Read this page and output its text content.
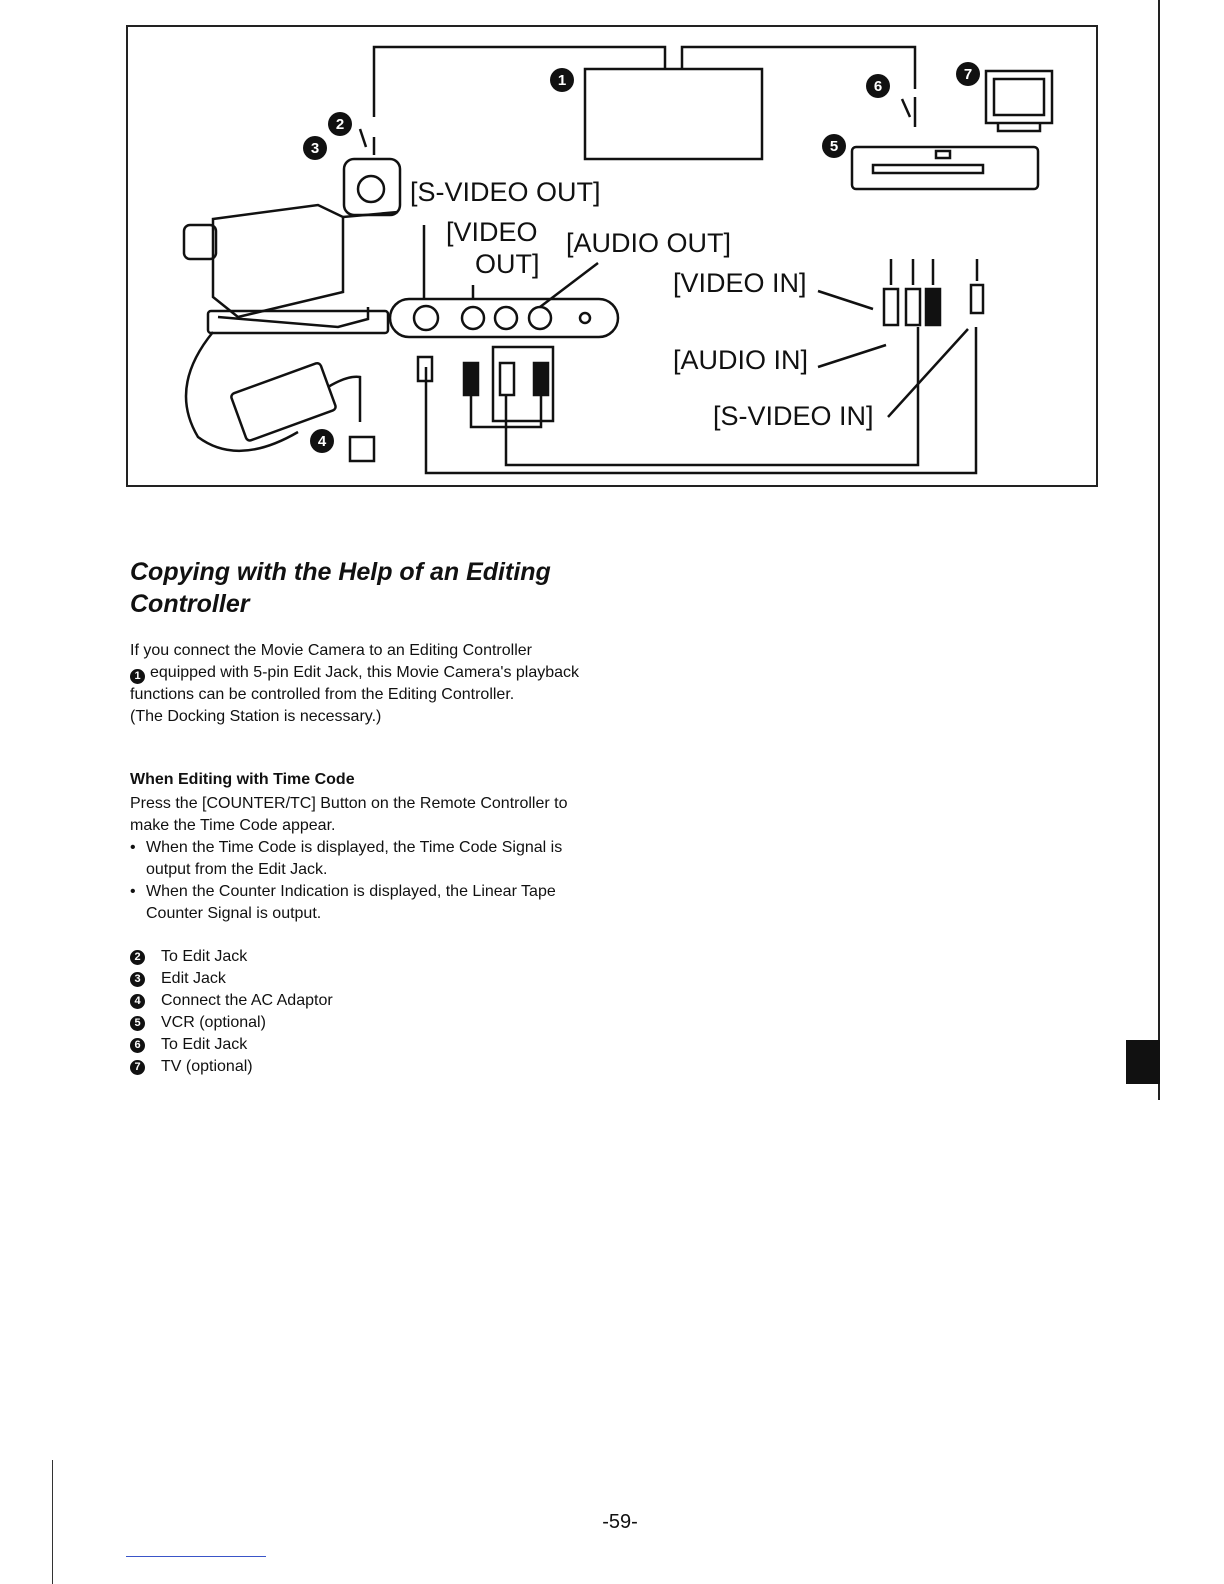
1
2
3
4
5
6
7
[S-VIDEO OUT]
[VIDEO
OUT]
[AUDIO OUT]
[VIDEO IN]
[AUDIO IN]
[S-VIDEO IN]
Copying with the Help of an Editing Controller

If you connect the Movie Camera to an Editing Controller
1 equipped with 5-pin Edit Jack, this Movie Camera's playback functions can be controlled from the Editing Controller.
(The Docking Station is necessary.)

When Editing with Time Code

Press the [COUNTER/TC] Button on the Remote Controller to make the Time Code appear.

• When the Time Code is displayed, the Time Code Signal is output from the Edit Jack.
• When the Counter Indication is displayed, the Linear Tape Counter Signal is output.
2 To Edit Jack
3 Edit Jack
4 Connect the AC Adaptor
5 VCR (optional)
6 To Edit Jack
7 TV (optional)
-59-
